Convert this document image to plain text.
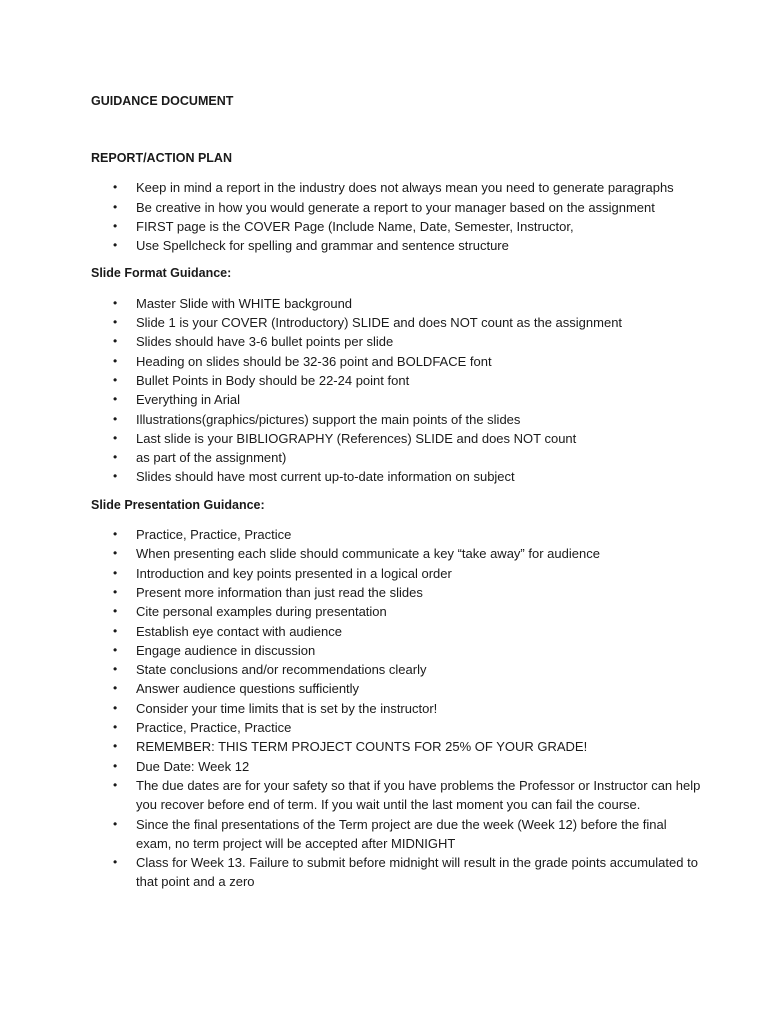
GUIDANCE DOCUMENT
REPORT/ACTION PLAN
• Keep in mind a report in the industry does not always mean you need to generate paragraphs
• Be creative in how you would generate a report to your manager based on the assignment
• FIRST page is the COVER Page (Include Name, Date, Semester, Instructor,
• Use Spellcheck for spelling and grammar and sentence structure
Slide Format Guidance:
• Master Slide with WHITE background
• Slide 1 is your COVER (Introductory) SLIDE and does NOT count as the assignment
• Slides should have 3-6 bullet points per slide
• Heading on slides should be 32-36 point and BOLDFACE font
• Bullet Points in Body should be 22-24 point font
• Everything in Arial
• Illustrations(graphics/pictures) support the main points of the slides
• Last slide is your BIBLIOGRAPHY (References) SLIDE and does NOT count
• as part of the assignment)
• Slides should have most current up-to-date information on subject
Slide Presentation Guidance:
• Practice, Practice, Practice
• When presenting each slide should communicate a key “take away” for audience
• Introduction and key points presented in a logical order
• Present more information than just read the slides
• Cite personal examples during presentation
• Establish eye contact with audience
• Engage audience in discussion
• State conclusions and/or recommendations clearly
• Answer audience questions sufficiently
• Consider your time limits that is set by the instructor!
• Practice, Practice, Practice
• REMEMBER: THIS TERM PROJECT COUNTS FOR 25% OF YOUR GRADE!
• Due Date: Week 12
• The due dates are for your safety so that if you have problems the Professor or Instructor can help you recover before end of term. If you wait until the last moment you can fail the course.
• Since the final presentations of the Term project are due the week (Week 12) before the final exam, no term project will be accepted after MIDNIGHT
• Class for Week 13. Failure to submit before midnight will result in the grade points accumulated to that point and a zero
